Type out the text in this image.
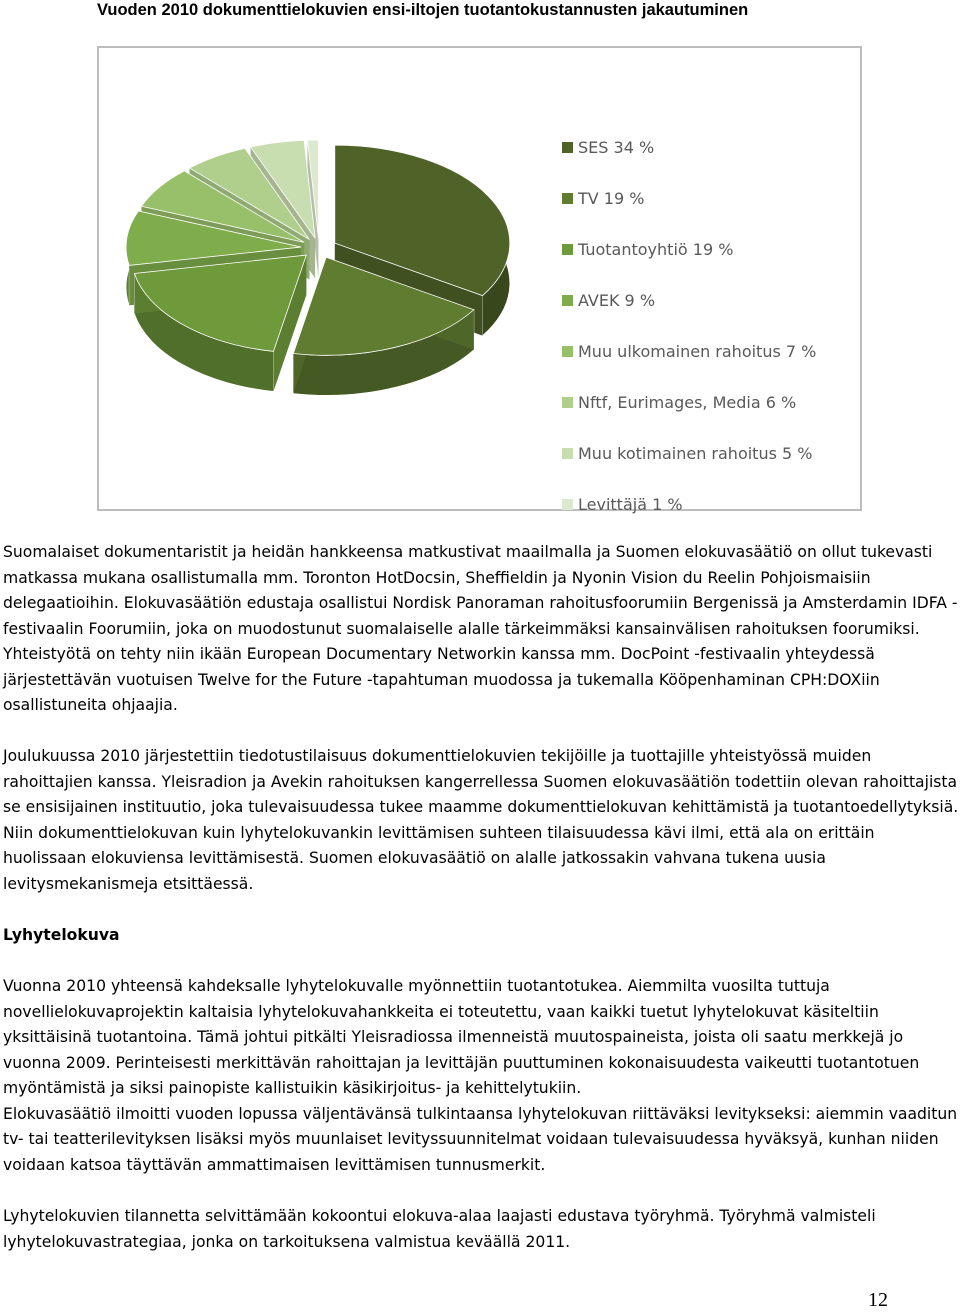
Vuoden 2010 dokumenttielokuvien ensi-iltojen tuotantokustannusten jakautuminen
SES 34 %
TV 19 %
Tuotantoyhtiö 19 %
AVEK 9 %
Muu ulkomainen rahoitus 7 %
Nftf, Eurimages, Media 6 %
Muu kotimainen rahoitus 5 %
Levittäjä 1 %

Suomalaiset dokumentaristit ja heidän hankkeensa matkustivat maailmalla ja Suomen elokuvasäätiö on ollut tukevasti matkassa mukana osallistumalla mm. Toronton HotDocsin, Sheffieldin ja Nyonin Vision du Reelin Pohjoismaisiin delegaatioihin. Elokuvasäätiön edustaja osallistui Nordisk Panoraman rahoitusfoorumiin Bergenissä ja Amsterdamin IDFA -festivaalin Foorumiin, joka on muodostunut suomalaiselle alalle tärkeimmäksi kansainvälisen rahoituksen foorumiksi. Yhteistyötä on tehty niin ikään European Documentary Networkin kanssa mm. DocPoint -festivaalin yhteydessä järjestettävän vuotuisen Twelve for the Future -tapahtuman muodossa ja tukemalla Kööpenhaminan CPH:DOXiin osallistuneita ohjaajia.

Joulukuussa 2010 järjestettiin tiedotustilaisuus dokumenttielokuvien tekijöille ja tuottajille yhteistyössä muiden rahoittajien kanssa. Yleisradion ja Avekin rahoituksen kangerrellessa Suomen elokuvasäätiön todettiin olevan rahoittajista se ensisijainen instituutio, joka tulevaisuudessa tukee maamme dokumenttielokuvan kehittämistä ja tuotantoedellytyksiä. Niin dokumenttielokuvan kuin lyhytelokuvankin levittämisen suhteen tilaisuudessa kävi ilmi, että ala on erittäin huolissaan elokuviensa levittämisestä. Suomen elokuvasäätiö on alalle jatkossakin vahvana tukena uusia levitysmekanismeja etsittäessä.

Lyhytelokuva

Vuonna 2010 yhteensä kahdeksalle lyhytelokuvalle myönnettiin tuotantotukea. Aiemmilta vuosilta tuttuja novellielokuvaprojektin kaltaisia lyhytelokuvahankkeita ei toteutettu, vaan kaikki tuetut lyhytelokuvat käsiteltiin yksittäisinä tuotantoina. Tämä johtui pitkälti Yleisradiossa ilmenneistä muutospaineista, joista oli saatu merkkejä jo vuonna 2009. Perinteisesti merkittävän rahoittajan ja levittäjän puuttuminen kokonaisuudesta vaikeutti tuotantotuen myöntämistä ja siksi painopiste kallistuikin käsikirjoitus- ja kehittelytukiin.

Elokuvasäätiö ilmoitti vuoden lopussa väljentävänsä tulkintaansa lyhytelokuvan riittäväksi levitykseksi: aiemmin vaaditun tv- tai teatterilevityksen lisäksi myös muunlaiset levityssuunnitelmat voidaan tulevaisuudessa hyväksyä, kunhan niiden voidaan katsoa täyttävän ammattimaisen levittämisen tunnusmerkit.

Lyhytelokuvien tilannetta selvittämään kokoontui elokuva-alaa laajasti edustava työryhmä. Työryhmä valmisteli lyhytelokuvastrategiaa, jonka on tarkoituksena valmistua keväällä 2011.

12
